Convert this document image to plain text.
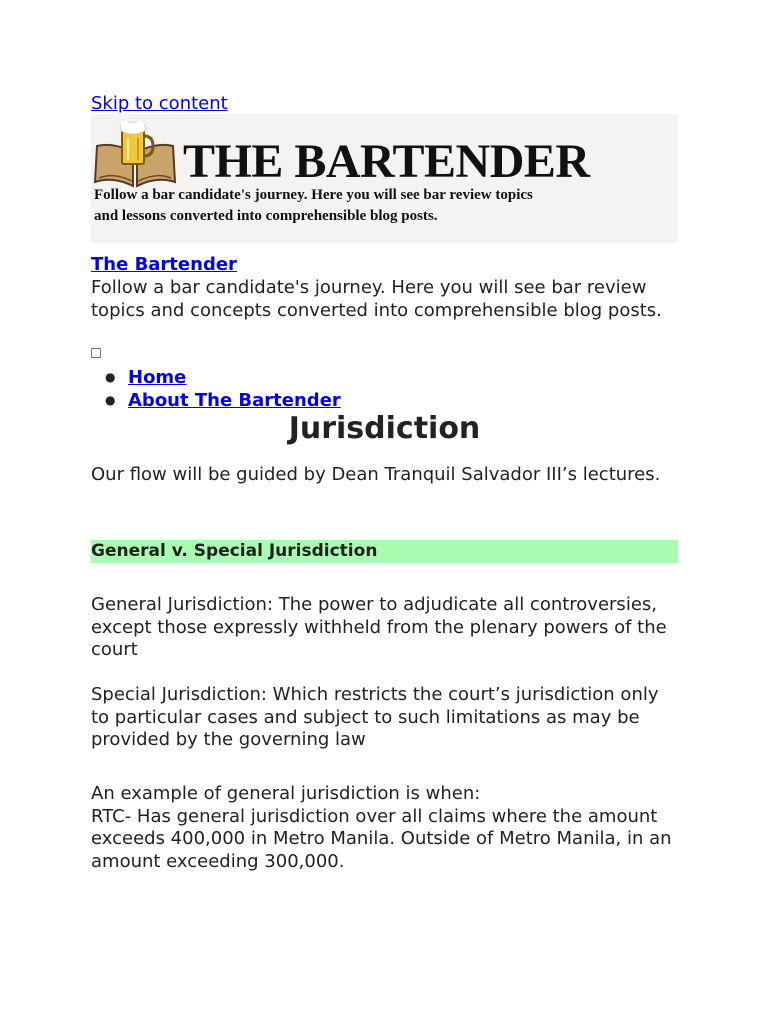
Skip to content
THE BARTENDER
Follow a bar candidate's journey. Here you will see bar review topics
and lessons converted into comprehensible blog posts.
The Bartender
Follow a bar candidate's journey. Here you will see bar review topics and concepts converted into comprehensible blog posts.
● Home
● About The Bartender
Jurisdiction

Our flow will be guided by Dean Tranquil Salvador III’s lectures.

General v. Special Jurisdiction

General Jurisdiction: The power to adjudicate all controversies, except those expressly withheld from the plenary powers of the court

Special Jurisdiction: Which restricts the court’s jurisdiction only to particular cases and subject to such limitations as may be provided by the governing law

An example of general jurisdiction is when:
RTC- Has general jurisdiction over all claims where the amount exceeds 400,000 in Metro Manila. Outside of Metro Manila, in an amount exceeding 300,000.
